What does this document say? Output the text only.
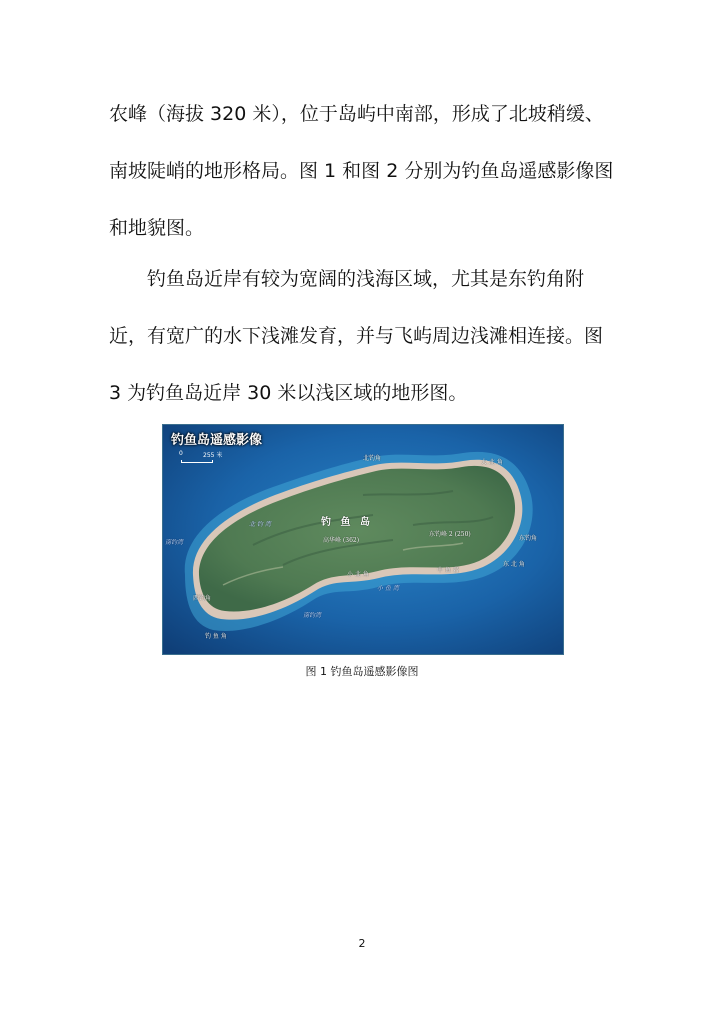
农峰（海拔 320 米），位于岛屿中南部，形成了北坡稍缓、
南坡陡峭的地形格局。图 1 和图 2 分别为钓鱼岛遥感影像图
和地貌图。

钓鱼岛近岸有较为宽阔的浅海区域，尤其是东钓角附
近，有宽广的水下浅滩发育，并与飞屿周边浅滩相连接。图
3 为钓鱼岛近岸 30 米以浅区域的地形图。

钓鱼岛遥感影像
0	255 米
钓 鱼 岛
北钓角
东钓角
西钓角
南钓湾
北 钓 湾
南钓湾
高华峰 (362)
东钓峰 2 (250)
小 鱼 湾
中 鱼 岩
大 北 角
东 北 角
小 北 角
钓 鱼 角
图 1 钓鱼岛遥感影像图
2
